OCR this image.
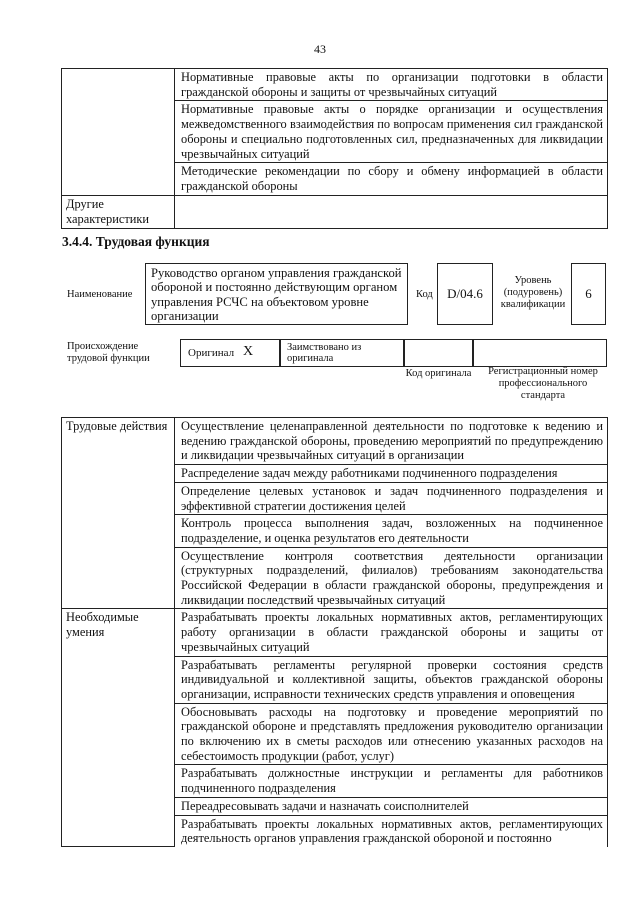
43

	Нормативные правовые акты по организации подготовки в области гражданской обороны и защиты от чрезвычайных ситуаций

	Нормативные правовые акты о порядке организации и осуществления межведомственного взаимодействия по вопросам применения сил гражданской обороны и специально подготовленных сил, предназначенных для ликвидации чрезвычайных ситуаций

	Методические рекомендации по сбору и обмену информацией в области гражданской обороны

Другие характеристики	

3.4.4. Трудовая функция
Наименование
Руководство органом управления гражданской обороной и постоянно действующим органом управления РСЧС на объектовом уровне организации
Код	D/04.6
Уровень (подуровень) квалификации
6
Происхождение трудовой функции	Оригинал X	Заимствовано из оригинала
Код оригинала	Регистрационный номер профессионального стандарта
Трудовые действия	Осуществление целенаправленной деятельности по подготовке к ведению и ведению гражданской обороны, проведению мероприятий по предупреждению и ликвидации чрезвычайных ситуаций в организации

	Распределение задач между работниками подчиненного подразделения

	Определение целевых установок и задач подчиненного подразделения и эффективной стратегии достижения целей

	Контроль процесса выполнения задач, возложенных на подчиненное подразделение, и оценка результатов его деятельности

	Осуществление контроля соответствия деятельности организации (структурных подразделений, филиалов) требованиям законодательства Российской Федерации в области гражданской обороны, предупреждения и ликвидации последствий чрезвычайных ситуаций

Необходимые умения	Разрабатывать проекты локальных нормативных актов, регламентирующих работу организации в области гражданской обороны и защиты от чрезвычайных ситуаций

	Разрабатывать регламенты регулярной проверки состояния средств индивидуальной и коллективной защиты, объектов гражданской обороны организации, исправности технических средств управления и оповещения

	Обосновывать расходы на подготовку и проведение мероприятий по гражданской обороне и представлять предложения руководителю организации по включению их в сметы расходов или отнесению указанных расходов на себестоимость продукции (работ, услуг)

	Разрабатывать должностные инструкции и регламенты для работников подчиненного подразделения

	Переадресовывать задачи и назначать соисполнителей

	Разрабатывать проекты локальных нормативных актов, регламентирующих деятельность органов управления гражданской обороной и постоянно
